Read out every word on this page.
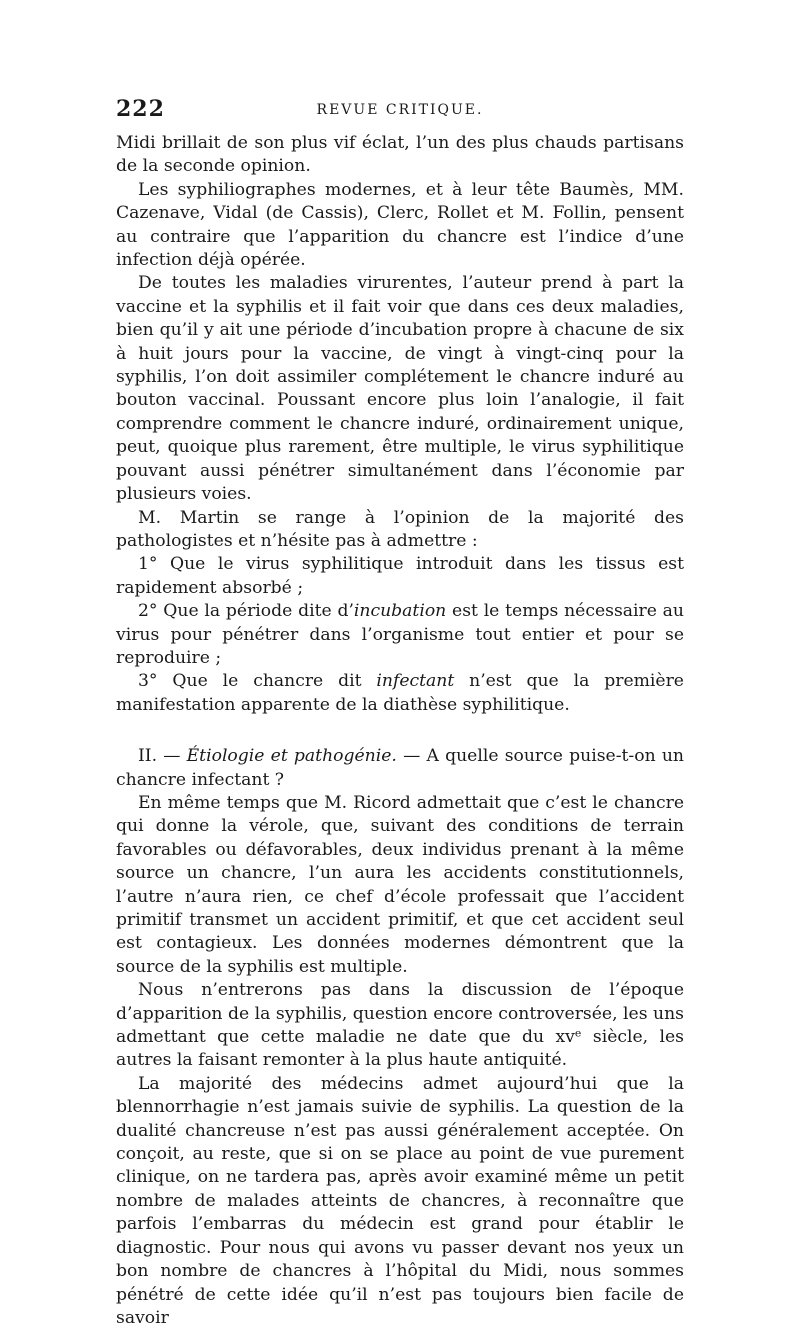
222	REVUE CRITIQUE.

Midi brillait de son plus vif éclat, l’un des plus chauds partisans de la seconde opinion.

Les syphiliographes modernes, et à leur tête Baumès, MM. Cazenave, Vidal (de Cassis), Clerc, Rollet et M. Follin, pensent au contraire que l’apparition du chancre est l’indice d’une infection déjà opérée.

De toutes les maladies virurentes, l’auteur prend à part la vaccine et la syphilis et il fait voir que dans ces deux maladies, bien qu’il y ait une période d’incubation propre à chacune de six à huit jours pour la vaccine, de vingt à vingt-cinq pour la syphilis, l’on doit assimiler complétement le chancre induré au bouton vaccinal. Poussant encore plus loin l’analogie, il fait comprendre comment le chancre induré, ordinairement unique, peut, quoique plus rarement, être multiple, le virus syphilitique pouvant aussi pénétrer simultanément dans l’économie par plusieurs voies.

M. Martin se range à l’opinion de la majorité des pathologistes et n’hésite pas à admettre :

1° Que le virus syphilitique introduit dans les tissus est rapidement absorbé ;

2° Que la période dite d’incubation est le temps nécessaire au virus pour pénétrer dans l’organisme tout entier et pour se reproduire ;

3° Que le chancre dit infectant n’est que la première manifestation apparente de la diathèse syphilitique.

II. — Étiologie et pathogénie. — A quelle source puise-t-on un chancre infectant ?

En même temps que M. Ricord admettait que c’est le chancre qui donne la vérole, que, suivant des conditions de terrain favorables ou défavorables, deux individus prenant à la même source un chancre, l’un aura les accidents constitutionnels, l’autre n’aura rien, ce chef d’école professait que l’accident primitif transmet un accident primitif, et que cet accident seul est contagieux. Les données modernes démontrent que la source de la syphilis est multiple.

Nous n’entrerons pas dans la discussion de l’époque d’apparition de la syphilis, question encore controversée, les uns admettant que cette maladie ne date que du xvᵉ siècle, les autres la faisant remonter à la plus haute antiquité.

La majorité des médecins admet aujourd’hui que la blennorrhagie n’est jamais suivie de syphilis. La question de la dualité chancreuse n’est pas aussi généralement acceptée. On conçoit, au reste, que si on se place au point de vue purement clinique, on ne tardera pas, après avoir examiné même un petit nombre de malades atteints de chancres, à reconnaître que parfois l’embarras du médecin est grand pour établir le diagnostic. Pour nous qui avons vu passer devant nos yeux un bon nombre de chancres à l’hôpital du Midi, nous sommes pénétré de cette idée qu’il n’est pas toujours bien facile de savoir
